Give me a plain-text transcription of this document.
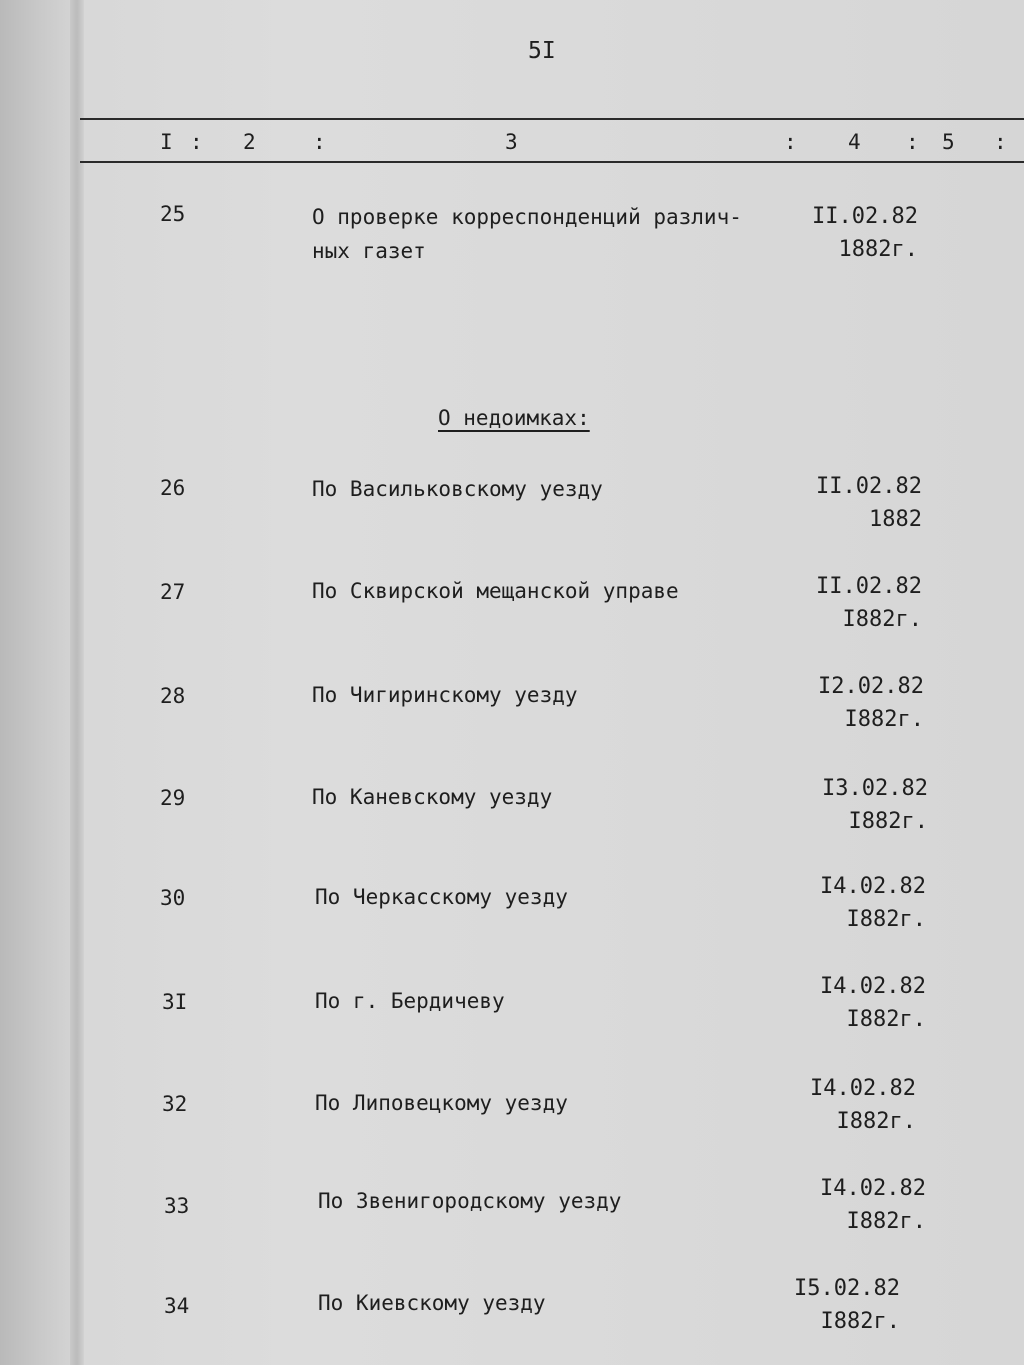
5I
I : 2	:	3	: 4 : 5 :
25	О проверке корреспонденций различ-
ных газет
II.02.82
1882г.
О недоимках:
26	По Васильковскому уезду	II.02.82
1882
27	По Сквирской мещанской управе	II.02.82
I882г.
28	По Чигиринскому уезду	I2.02.82
I882г.
29	По Каневскому уезду	I3.02.82
I882г.
30	По Черкасскому уезду	I4.02.82
I882г.
3I	По г. Бердичеву
I4.02.82
I882г.
32	По Липовецкому уезду
I4.02.82
I882г.
33	По Звенигородскому уезду	I4.02.82
I882г.
34	По Киевскому уезду
I5.02.82
I882г.
